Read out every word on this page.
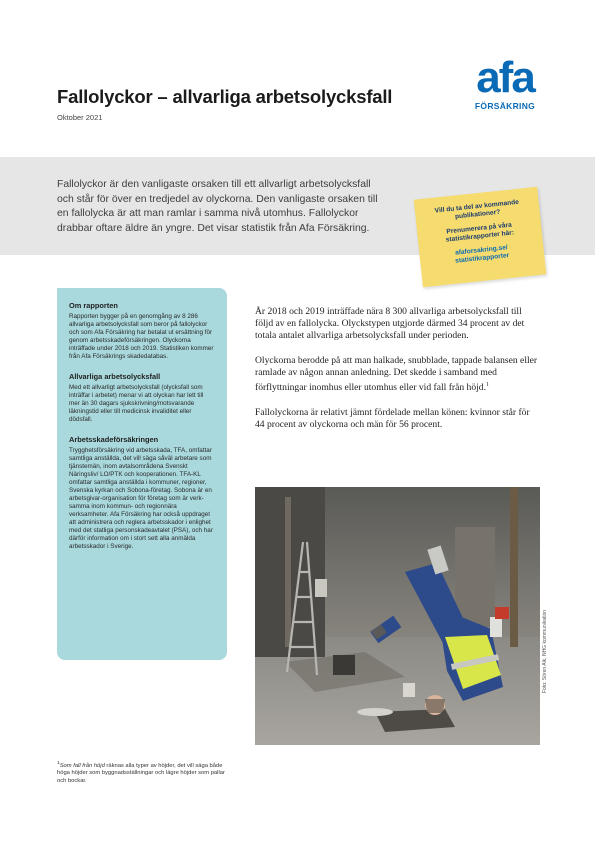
Fallolyckor – allvarliga arbetsolycksfall
Oktober 2021
afa
FÖRSÄKRING
Fallolyckor är den vanligaste orsaken till ett allvarligt arbetsolycksfall och står för över en tredjedel av olyckorna. Den vanligaste orsaken till en fallolycka är att man ramlar i samma nivå utomhus. Fallolyckor drabbar oftare äldre än yngre. Det visar statistik från Afa Försäkring.

Vill du ta del av kommande publikationer?

Prenumerera på våra statistikrapporter här:

afaforsakring.se/ statistikrapporter

Om rapporten
Rapporten bygger på en genomgång av 8 286 allvarliga arbetsolycksfall som beror på fallolyckor och som Afa Försäkring har betalat ut ersättning för genom arbetsskadeförsäkringen. Olyckorna inträffade under 2018 och 2019. Statistiken kommer från Afa Försäkrings skadedatabas.
Allvarliga arbetsolycksfall
Med ett allvarligt arbetsolycksfall (olycksfall som inträffar i arbetet) menar vi att olyckan har lett till mer än 30 dagars sjukskrivning/motsvarande läkningstid eller till medicinsk invaliditet eller dödsfall.
Arbetsskadeförsäkringen
Trygghetsförsäkring vid arbetsskada, TFA, omfattar samtliga anställda, det vill säga såväl arbetare som tjänstemän, inom avtalsområdena Svenskt Näringsliv/ LO/PTK och kooperationen. TFA-KL omfattar samtliga anställda i kommuner, regioner, Svenska kyrkan och Sobona-företag. Sobona är en arbetsgivar-organisation för företag som är verk-samma inom kommun- och regionnära verksamheter. Afa Försäkring har också uppdraget att administrera och reglera arbetsskador i enlighet med det statliga personskadeavtalet (PSA), och har därför information om i stort sett alla anmälda arbetsskador i Sverige.

År 2018 och 2019 inträffade nära 8 300 allvarliga arbetsolycksfall till följd av en fallolycka. Olyckstypen utgjorde därmed 34 procent av det totala antalet allvarliga arbetsolycksfall under perioden.

Olyckorna berodde på att man halkade, snubblade, tappade balansen eller ramlade av någon annan anledning. Det skedde i samband med förflyttningar inomhus eller utomhus eller vid fall från höjd.$^1$

Fallolyckorna är relativt jämnt fördelade mellan könen: kvinnor står för 44 procent av olyckorna och män för 56 procent.

Foto: Sören Alk, NHG kommunikation
$^1$Som fall från höjd räknas alla typer av höjder, det vill säga både höga höjder som byggnadsställningar och lägre höjder som pallar och bockar.
